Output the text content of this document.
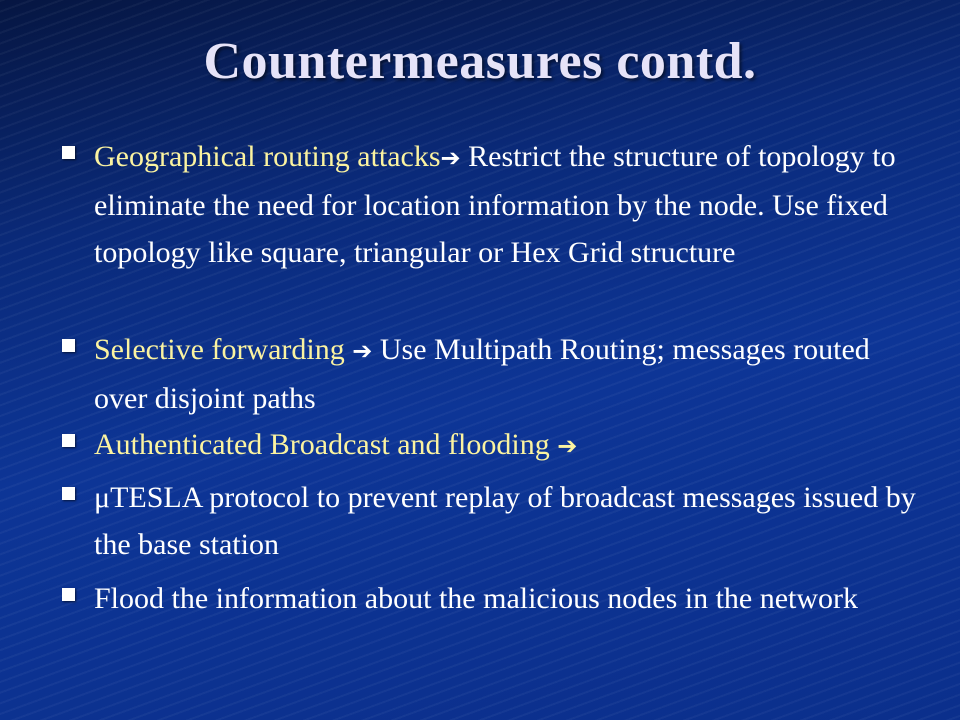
Countermeasures contd.
Geographical routing attacks➔ Restrict the structure of topology to eliminate the need for location information by the node. Use fixed topology like square, triangular or Hex Grid structure
Selective forwarding ➔ Use Multipath Routing; messages routed over disjoint paths
Authenticated Broadcast and flooding ➔
μTESLA protocol to prevent replay of broadcast messages issued by the base station
Flood the information about the malicious nodes in the network
